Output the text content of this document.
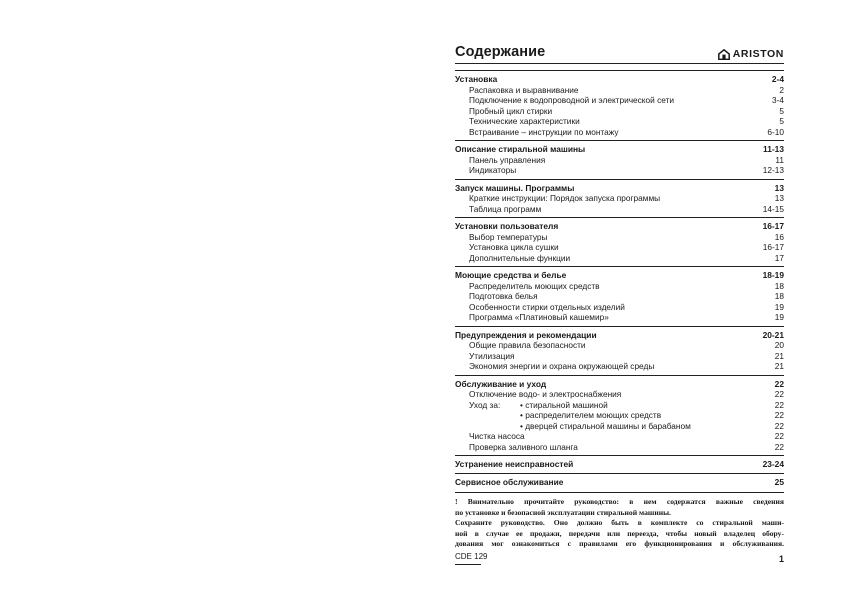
Содержание	ARISTON
Установка	2-4
Распаковка и выравнивание	2
Подключение к водопроводной и электрической сети	3-4
Пробный цикл стирки	5
Технические характеристики	5
Встраивание – инструкции по монтажу	6-10
Описание стиральной машины	11-13
Панель управления	11
Индикаторы	12-13
Запуск машины. Программы	13
Краткие инструкции: Порядок запуска программы	13
Таблица программ	14-15
Установки пользователя	16-17
Выбор температуры	16
Установка цикла сушки	16-17
Дополнительные функции	17
Моющие средства и белье	18-19
Распределитель моющих средств	18
Подготовка белья	18
Особенности стирки отдельных изделий	19
Программа «Платиновый кашемир»	19
Предупреждения и рекомендации	20-21
Общие правила безопасности	20
Утилизация	21
Экономия энергии и охрана окружающей среды	21
Обслуживание и уход	22
Отключение водо- и электроснабжения	22
Уход за:	• стиральной машиной	22
• распределителем моющих средств	22
• дверцей стиральной машины и барабаном	22
Чистка насоса	22
Проверка заливного шланга	22
Устранение неисправностей	23-24
Сервисное обслуживание	25
! Внимательно прочитайте руководство: в нем содержатся важные сведения
по установке и безопасной эксплуатации стиральной машины.
Сохраните руководство. Оно должно быть в комплекте со стиральной маши-
ной в случае ее продажи, передачи или переезда, чтобы новый владелец обору-
дования мог ознакомиться с правилами его функционирования и обслуживания.
CDE 129	1
